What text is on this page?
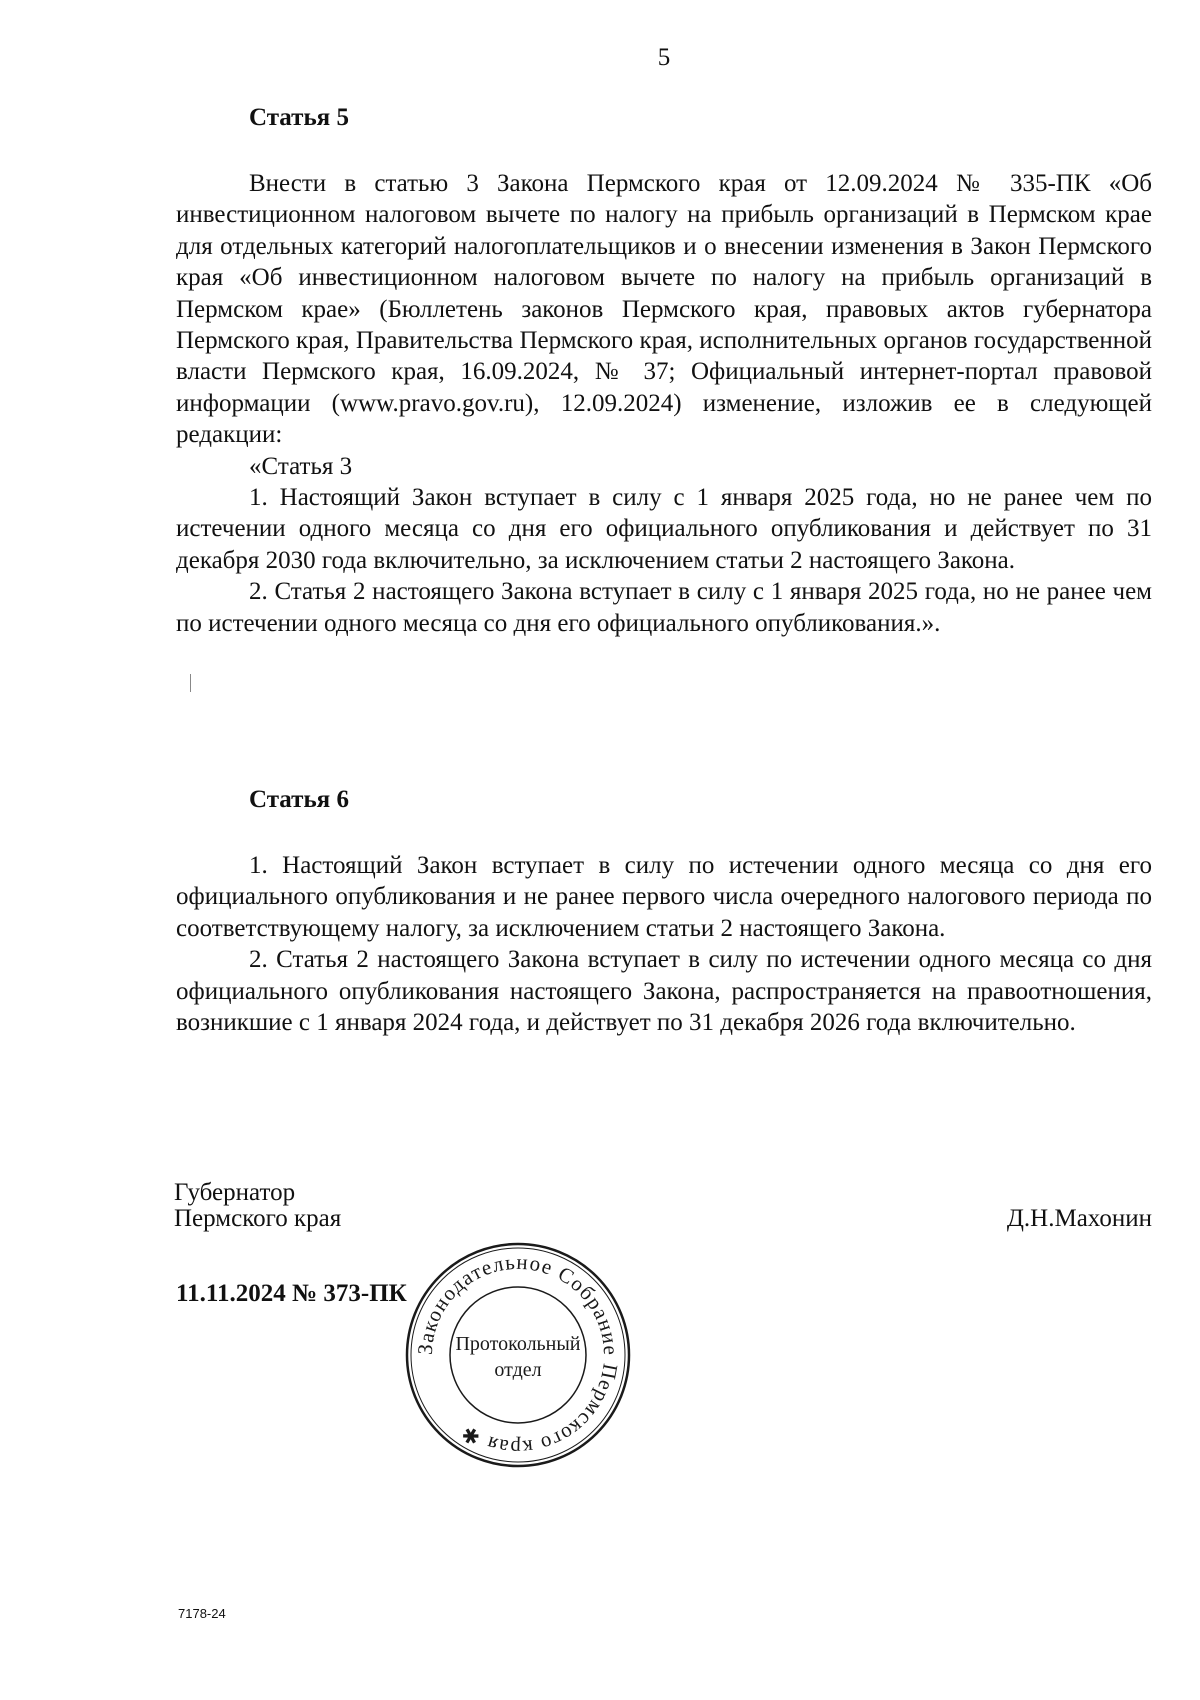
5
Статья 5

Внести в статью 3 Закона Пермского края от 12.09.2024 № 335-ПК «Об инвестиционном налоговом вычете по налогу на прибыль организаций в Пермском крае для отдельных категорий налогоплательщиков и о внесении изменения в Закон Пермского края «Об инвестиционном налоговом вычете по налогу на прибыль организаций в Пермском крае» (Бюллетень законов Пермского края, правовых актов губернатора Пермского края, Правительства Пермского края, исполнительных органов государственной власти Пермского края, 16.09.2024, № 37; Официальный интернет-портал правовой информации (www.pravo.gov.ru), 12.09.2024) изменение, изложив ее в следующей редакции:

«Статья 3

1. Настоящий Закон вступает в силу с 1 января 2025 года, но не ранее чем по истечении одного месяца со дня его официального опубликования и действует по 31 декабря 2030 года включительно, за исключением статьи 2 настоящего Закона.

2. Статья 2 настоящего Закона вступает в силу с 1 января 2025 года, но не ранее чем по истечении одного месяца со дня его официального опубликования.».

Статья 6

1. Настоящий Закон вступает в силу по истечении одного месяца со дня его официального опубликования и не ранее первого числа очередного налогового периода по соответствующему налогу, за исключением статьи 2 настоящего Закона.

2. Статья 2 настоящего Закона вступает в силу по истечении одного месяца со дня официального опубликования настоящего Закона, распространяется на правоотношения, возникшие с 1 января 2024 года, и действует по 31 декабря 2026 года включительно.

Губернатор
Пермского края	Д.Н.Махонин
11.11.2024 № 373-ПК
Законодательное Собрание Пермского края ✱
Протокольный
отдел
7178-24
